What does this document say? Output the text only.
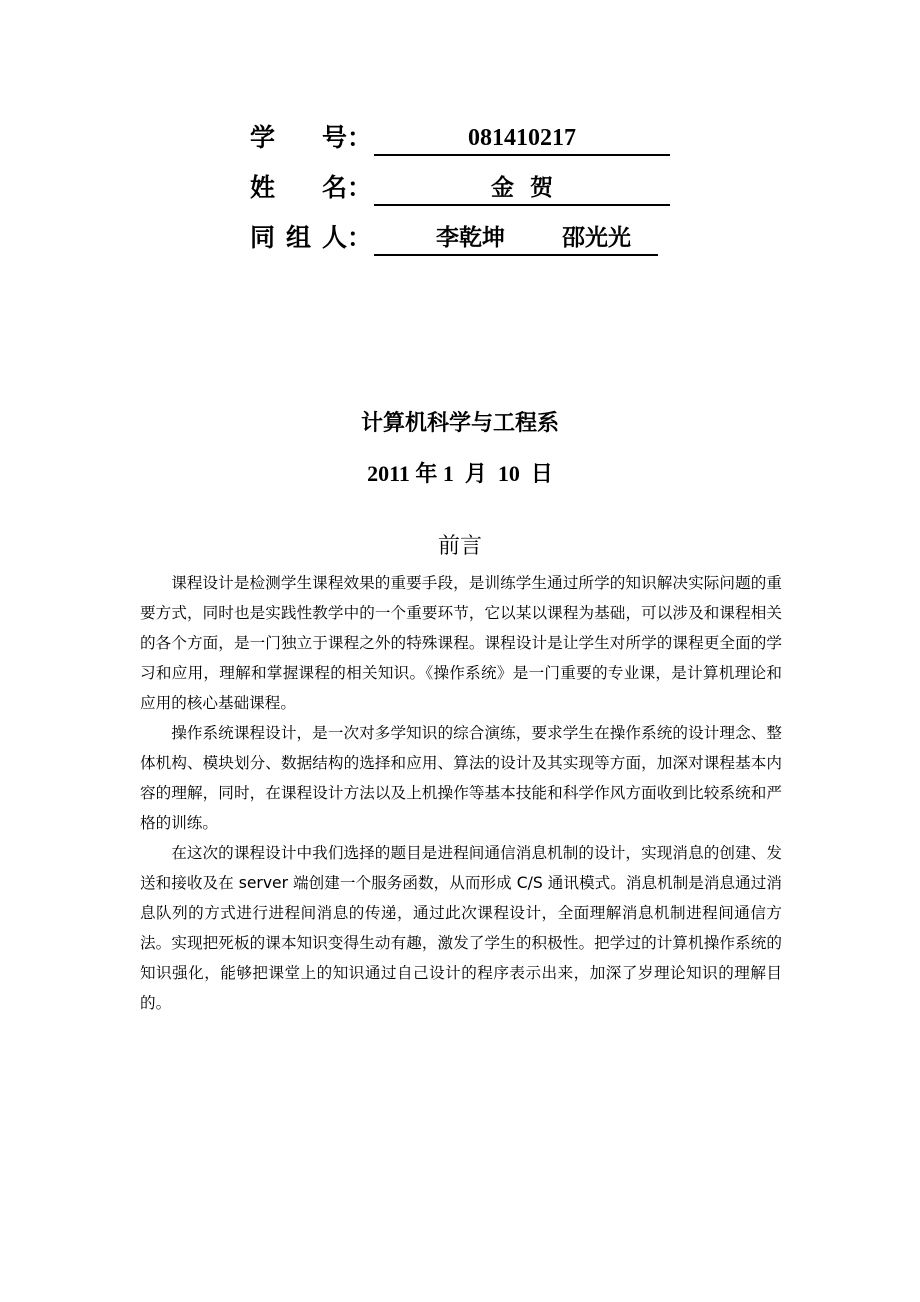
学 号：	081410217
姓 名：	金  贺
同 组 人：	李乾坤 邵光光
计算机科学与工程系
2011 年 1  月  10  日
前言

课程设计是检测学生课程效果的重要手段，是训练学生通过所学的知识解决实际问题的重要方式，同时也是实践性教学中的一个重要环节，它以某以课程为基础，可以涉及和课程相关的各个方面，是一门独立于课程之外的特殊课程。课程设计是让学生对所学的课程更全面的学习和应用，理解和掌握课程的相关知识。《操作系统》是一门重要的专业课，是计算机理论和应用的核心基础课程。

操作系统课程设计，是一次对多学知识的综合演练，要求学生在操作系统的设计理念、整体机构、模块划分、数据结构的选择和应用、算法的设计及其实现等方面，加深对课程基本内容的理解，同时，在课程设计方法以及上机操作等基本技能和科学作风方面收到比较系统和严格的训练。

在这次的课程设计中我们选择的题目是进程间通信消息机制的设计，实现消息的创建、发送和接收及在 server 端创建一个服务函数，从而形成 C/S 通讯模式。消息机制是消息通过消息队列的方式进行进程间消息的传递，通过此次课程设计，全面理解消息机制进程间通信方法。实现把死板的课本知识变得生动有趣，激发了学生的积极性。把学过的计算机操作系统的知识强化，能够把课堂上的知识通过自己设计的程序表示出来，加深了岁理论知识的理解目的。
